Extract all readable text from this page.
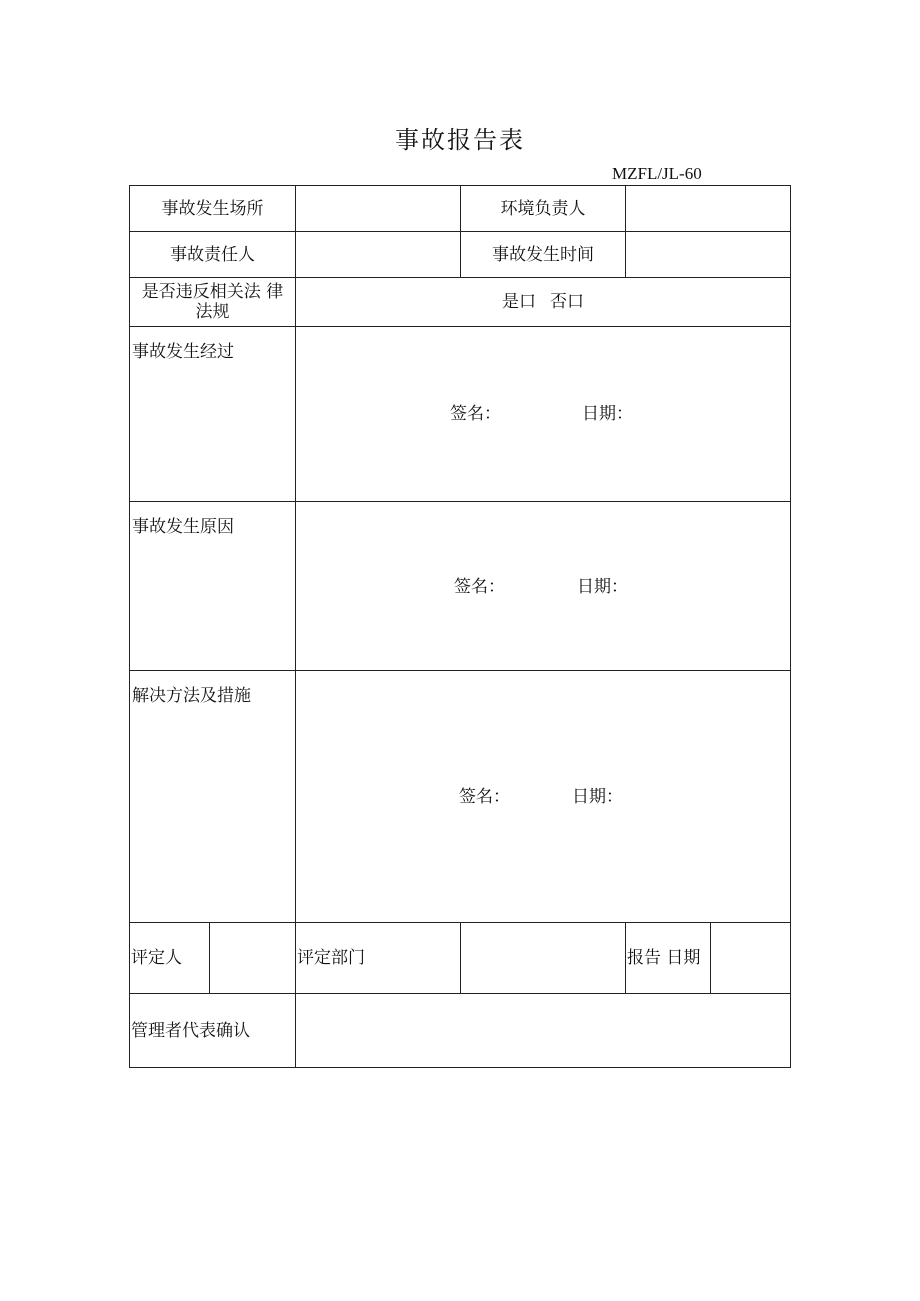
事故报告表
MZFL/JL-60
事故发生场所	环境负责人
事故责任人	事故发生时间
是否违反相关法 律法规	是口 否口
事故发生经过
签名：	日期：
事故发生原因
签名：	日期：
解决方法及措施
签名：	日期：
评定人	评定部门	报告 日期
管理者代表确认
